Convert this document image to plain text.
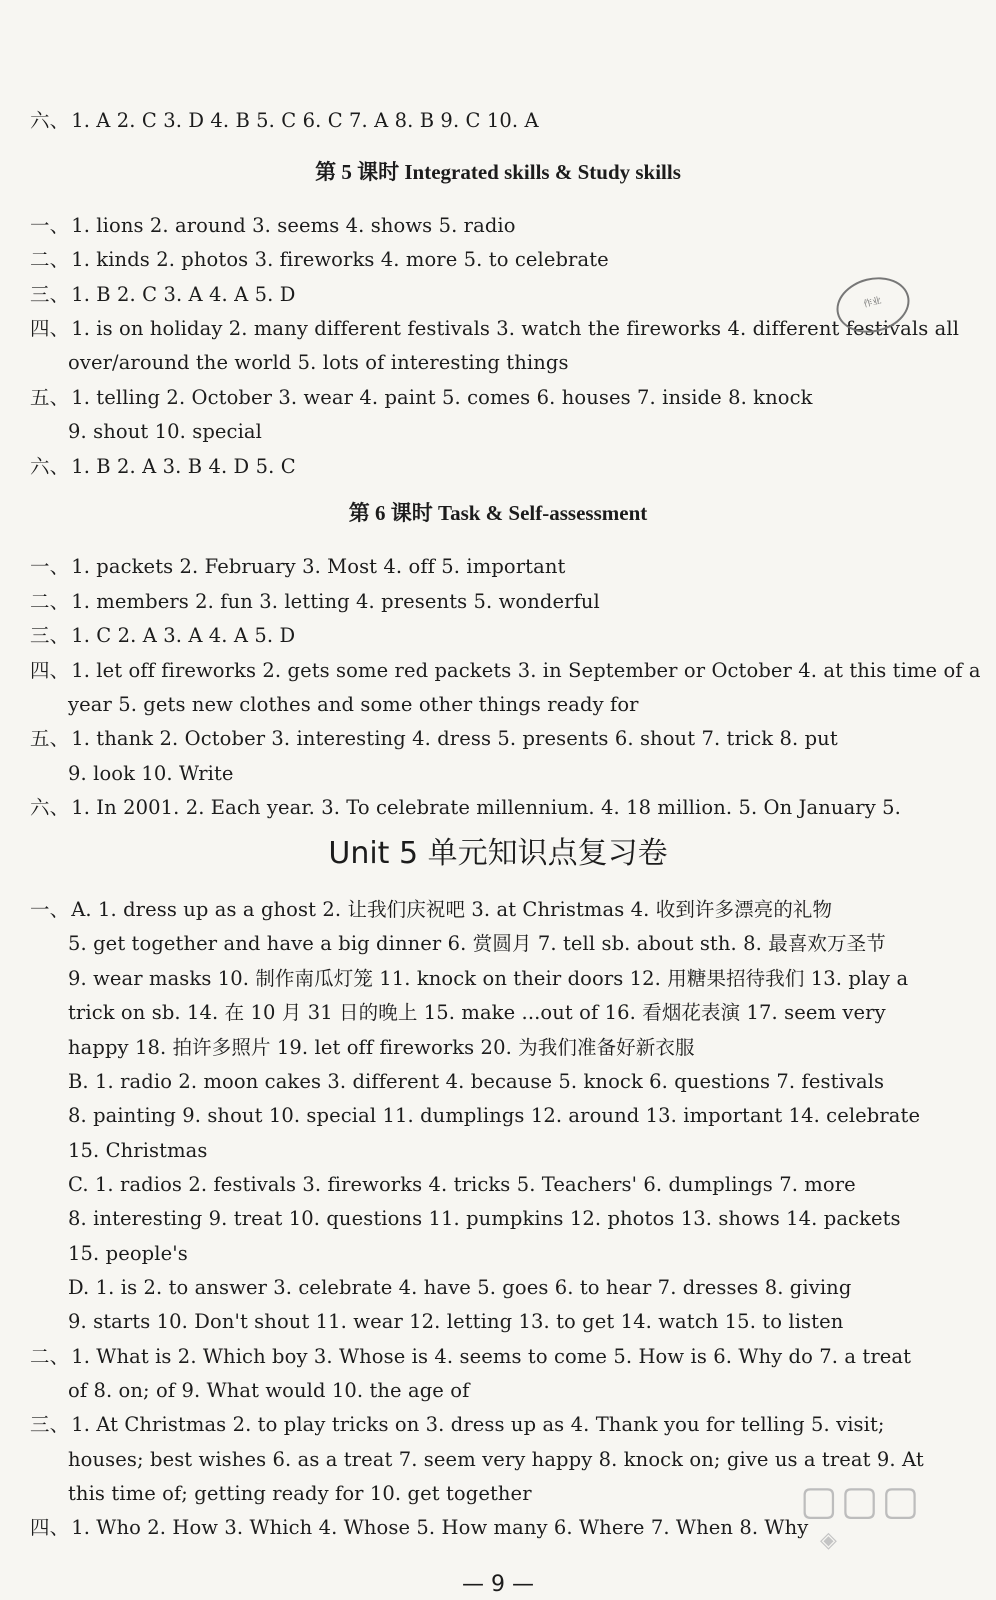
六、 1. A 2. C 3. D 4. B 5. C 6. C 7. A 8. B 9. C 10. A
第 5 课时 Integrated skills & Study skills
一、 1. lions 2. around 3. seems 4. shows 5. radio
二、 1. kinds 2. photos 3. fireworks 4. more 5. to celebrate
三、 1. B 2. C 3. A 4. A 5. D
四、 1. is on holiday 2. many different festivals 3. watch the fireworks 4. different festivals all
over/around the world 5. lots of interesting things
五、 1. telling 2. October 3. wear 4. paint 5. comes 6. houses 7. inside 8. knock
9. shout 10. special
六、 1. B 2. A 3. B 4. D 5. C
第 6 课时 Task & Self-assessment
一、 1. packets 2. February 3. Most 4. off 5. important
二、 1. members 2. fun 3. letting 4. presents 5. wonderful
三、 1. C 2. A 3. A 4. A 5. D
四、 1. let off fireworks 2. gets some red packets 3. in September or October 4. at this time of a
year 5. gets new clothes and some other things ready for
五、 1. thank 2. October 3. interesting 4. dress 5. presents 6. shout 7. trick 8. put
9. look 10. Write
六、 1. In 2001. 2. Each year. 3. To celebrate millennium. 4. 18 million. 5. On January 5.
Unit 5 单元知识点复习卷
一、 A. 1. dress up as a ghost 2. 让我们庆祝吧 3. at Christmas 4. 收到许多漂亮的礼物
5. get together and have a big dinner 6. 赏圆月 7. tell sb. about sth. 8. 最喜欢万圣节
9. wear masks 10. 制作南瓜灯笼 11. knock on their doors 12. 用糖果招待我们 13. play a
trick on sb. 14. 在 10 月 31 日的晚上 15. make ...out of 16. 看烟花表演 17. seem very
happy 18. 拍许多照片 19. let off fireworks 20. 为我们准备好新衣服
B. 1. radio 2. moon cakes 3. different 4. because 5. knock 6. questions 7. festivals
8. painting 9. shout 10. special 11. dumplings 12. around 13. important 14. celebrate
15. Christmas
C. 1. radios 2. festivals 3. fireworks 4. tricks 5. Teachers' 6. dumplings 7. more
8. interesting 9. treat 10. questions 11. pumpkins 12. photos 13. shows 14. packets
15. people's
D. 1. is 2. to answer 3. celebrate 4. have 5. goes 6. to hear 7. dresses 8. giving
9. starts 10. Don't shout 11. wear 12. letting 13. to get 14. watch 15. to listen
二、 1. What is 2. Which boy 3. Whose is 4. seems to come 5. How is 6. Why do 7. a treat
of 8. on; of 9. What would 10. the age of
三、 1. At Christmas 2. to play tricks on 3. dress up as 4. Thank you for telling 5. visit;
houses; best wishes 6. as a treat 7. seem very happy 8. knock on; give us a treat 9. At
this time of; getting ready for 10. get together
四、 1. Who 2. How 3. Which 4. Whose 5. How many 6. Where 7. When 8. Why
作业
▢▢▢
◈
— 9 —
